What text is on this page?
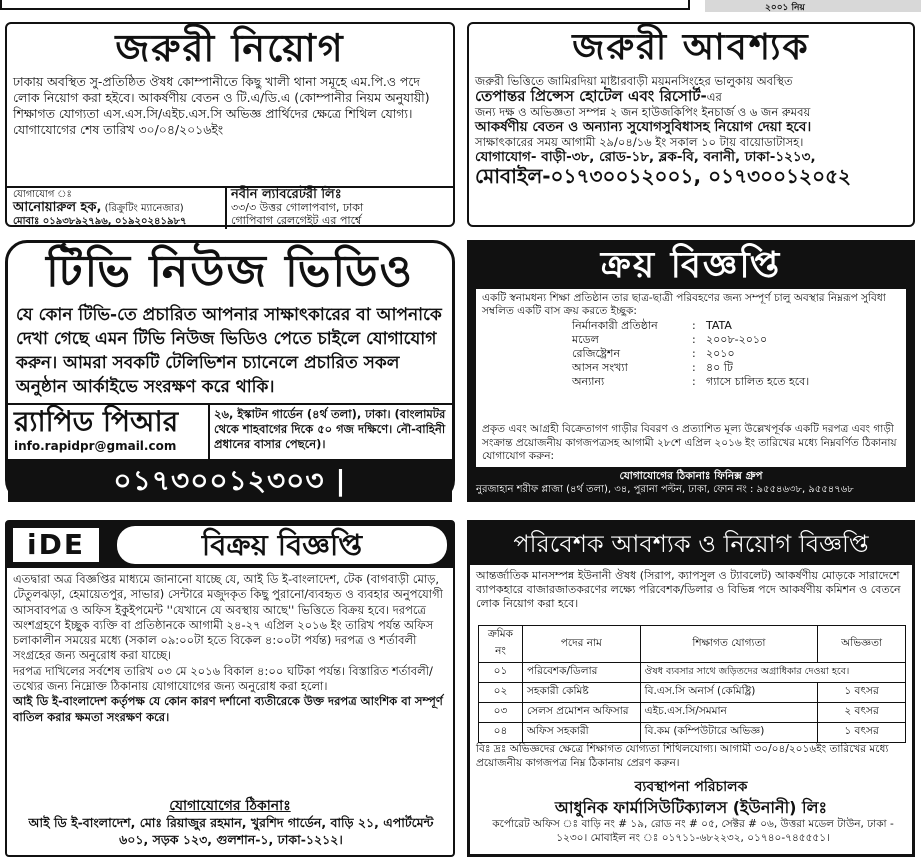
২০০১ নিয়
জরুরী নিয়োগ
ঢাকায় অবস্থিত সু-প্রতিষ্ঠিত ঔষধ কোম্পানীতে কিছু খালী থানা সমূহে এম.পি.ও পদে লোক নিয়োগ করা হইবে। আকর্ষণীয় বেতন ও টি.এ/ডি.এ (কোম্পানীর নিয়ম অনুযায়ী) শিক্ষাগত যোগ্যতা এস.এস.সি/এইচ.এস.সি অভিজ্ঞ প্রার্থিদের ক্ষেত্রে শিথিল যোগ্য। যোগাযোগের শেষ তারিখ ৩০/০৪/২০১৬ইং
যোগাযোগ ঃ
আনোয়ারুল হক, (রিক্রুটিং ম্যানেজার)
মোবাঃ ০১৯৩৮৯২৭৯৬, ০১৯২০২৪১৯৮৭
নবীন ল্যাবরেটরী লিঃ
৩৩/৩ উত্তর গোলাপবাগ, ঢাকা
গোপিবাগ রেলগেইট এর পার্শ্বে
জরুরী আবশ্যক
জরুরী ভিত্তিতে জামিরদিয়া মাষ্টারবাড়ী ময়মনসিংহের ভালুকায় অবস্থিত
তেপান্তর প্রিন্সেস হোটেল এবং রিসোর্ট-এর
জন্য দক্ষ ও অভিজ্ঞতা সম্পন্ন ২ জন হাউজকিপিং ইনচার্জ ও ৬ জন রুমবয়
আকর্ষণীয় বেতন ও অন্যান্য সুযোগসুবিধাসহ নিয়োগ দেয়া হবে।
সাক্ষাৎকারের সময় আগামী ২৯/০৪/১৬ ইং সকাল ১০ টায় বায়োডাটাসহ।
যোগাযোগ- বাড়ী-৩৮, রোড-১৮, ব্লক-বি, বনানী, ঢাকা-১২১৩,
মোবাইল-০১৭৩০০১২০০১, ০১৭৩০০১২০৫২
টিভি নিউজ ভিডিও
যে কোন টিভি-তে প্রচারিত আপনার সাক্ষাৎকারের বা আপনাকে দেখা গেছে এমন টিভি নিউজ ভিডিও পেতে চাইলে যোগাযোগ করুন। আমরা সবকটি টেলিভিশন চ্যানেলে প্রচারিত সকল অনুষ্ঠান আর্কাইভে সংরক্ষণ করে থাকি।
র‌্যাপিড পিআর
info.rapidpr@gmail.com
২৬, ইস্কাটন গার্ডেন (৪র্থ তলা), ঢাকা। (বাংলামটর থেকে শাহবাগের দিকে ৫০ গজ দক্ষিণে। নৌ-বাহিনী প্রধানের বাসার পেছনে)।
০১৭৩০০১২৩০৩ |
ক্রয় বিজ্ঞপ্তি
একটি স্বনামধন্য শিক্ষা প্রতিষ্ঠান তার ছাত্র-ছাত্রী পরিবহণের জন্য সম্পূর্ণ চালু অবস্থার নিম্নরূপ সুবিধা সম্বলিত একটি বাস ক্রয় করতে ইচ্ছুক:
নির্মানকারী প্রতিষ্ঠান	: TATA
মডেল	: ২০০৮-২০১০
রেজিষ্ট্রেশন	: ২০১০
আসন সংখ্যা	: ৪০ টি
অন্যান্য	: গ্যাসে চালিত হতে হবে।
প্রকৃত এবং আগ্রহী বিক্রেতাগণ গাড়ীর বিবরণ ও প্রত্যাশিত মূল্য উল্লেখপূর্বক একটি দরপত্র এবং গাড়ী সংক্রান্ত প্রয়োজনীয় কাগজপত্রসহ আগামী ২৮শে এপ্রিল ২০১৬ ইং তারিখের মধ্যে নিম্নবর্ণিত ঠিকানায় যোগাযোগ করুন:
যোগাযোগের ঠিকানাঃ ফিনিক্স গ্রুপ
নুরজাহান শরীফ প্লাজা (৪র্থ তলা), ৩৪, পুরানা পল্টন, ঢাকা, ফোন নং : ৯৫৫৪৬৩৮, ৯৫৫৪৭৬৮
iDE	বিক্রয় বিজ্ঞপ্তি
এতদ্বারা অত্র বিজ্ঞপ্তির মাধ্যমে জানানো যাচ্ছে যে, আই ডি ই-বাংলাদেশ, টেক (বাগবাড়ী মোড়, টেতুলঝড়া, হেমায়েতপুর, সাভার) সেন্টারে মজুদকৃত কিছু পুরানো/ব্যবহৃত ও ব্যবহার অনুপযোগী আসবাবপত্র ও অফিস ইকুইপমেন্ট ''যেখানে যে অবস্থায় আছে'' ভিত্তিতে বিক্রয় হবে। দরপত্রে অংশগ্রহণে ইচ্ছুক ব্যক্তি বা প্রতিষ্ঠানকে আগামী ২৪-২৭ এপ্রিল ২০১৬ ইং তারিখ পর্যন্ত অফিস চলাকালীন সময়ের মধ্যে (সকাল ০৯:০০টা হতে বিকেল ৪:০০টা পর্যন্ত) দরপত্র ও শর্তাবলী সংগ্রহের জন্য অনুরোধ করা যাচ্ছে।
দরপত্র দাখিলের সর্বশেষ তারিখ ০৩ মে ২০১৬ বিকাল ৪:০০ ঘটিকা পর্যন্ত। বিস্তারিত শর্তাবলী/ তথ্যের জন্য নিম্নোক্ত ঠিকানায় যোগাযোগের জন্য অনুরোধ করা হলো।
আই ডি ই-বাংলাদেশ কর্তৃপক্ষ যে কোন কারণ দর্শানো ব্যতীরেকে উক্ত দরপত্র আংশিক বা সম্পূর্ণ বাতিল করার ক্ষমতা সংরক্ষণ করে।
যোগাযোগের ঠিকানাঃ
আই ডি ই-বাংলাদেশ, মোঃ রিয়াজুর রহমান, খুরশিদ গার্ডেন, বাড়ি ২১, এপার্টমেন্ট ৬০১, সড়ক ১২৩, গুলশান-১, ঢাকা-১২১২।
পরিবেশক আবশ্যক ও নিয়োগ বিজ্ঞপ্তি
আন্তর্জাতিক মানসম্পন্ন ইউনানী ঔষধ (সিরাপ, ক্যাপসুল ও ট্যাবলেট) আকর্ষণীয় মোড়কে সারাদেশে ব্যাপকহারে বাজারজাতকরণের লক্ষ্যে পরিবেশক/ডিলার ও বিভিন্ন পদে আকর্ষণীয় কমিশন ও বেতনে লোক নিয়োগ করা হবে।
ক্রমিক নং	পদের নাম	শিক্ষাগত যোগ্যতা	অভিজ্ঞতা
০১	পরিবেশক/ডিলার	ঔষধ ব্যবসার সাথে জড়িতদের অগ্রাধিকার দেওয়া হবে।	
০২	সহকারী কেমিষ্ট	বি.এস.সি অনার্স (কেমিষ্ট্রি)	১ বৎসর
০৩	সেলস প্রমোশন অফিসার	এইচ.এস.সি/সমমান	২ বৎসর
০৪	অফিস সহকারী	বি.কম (কম্পিউটারে অভিজ্ঞ)	১ বৎসর
বিঃ দ্রঃ অভিজ্ঞদের ক্ষেত্রে শিক্ষাগত যোগ্যতা শিথিলযোগ্য। আগামী ৩০/০৪/২০১৬ইং তারিখের মধ্যে প্রয়োজনীয় কাগজপত্র নিম্ন ঠিকানায় প্রেরণ করুন।
ব্যবস্থাপনা পরিচালক
আধুনিক ফার্মাসিউটিক্যালস (ইউনানী) লিঃ
কর্পোরেট অফিস ঃ বাড়ি নং # ১৯, রোড নং # ০৫, সেক্টর # ০৬, উত্তরা মডেল টাউন, ঢাকা - ১২৩০। মোবাইল নং ঃ ০১৭১১-৬৮২২৩২, ০১৭৪০-৭৪৫৫৫১।
